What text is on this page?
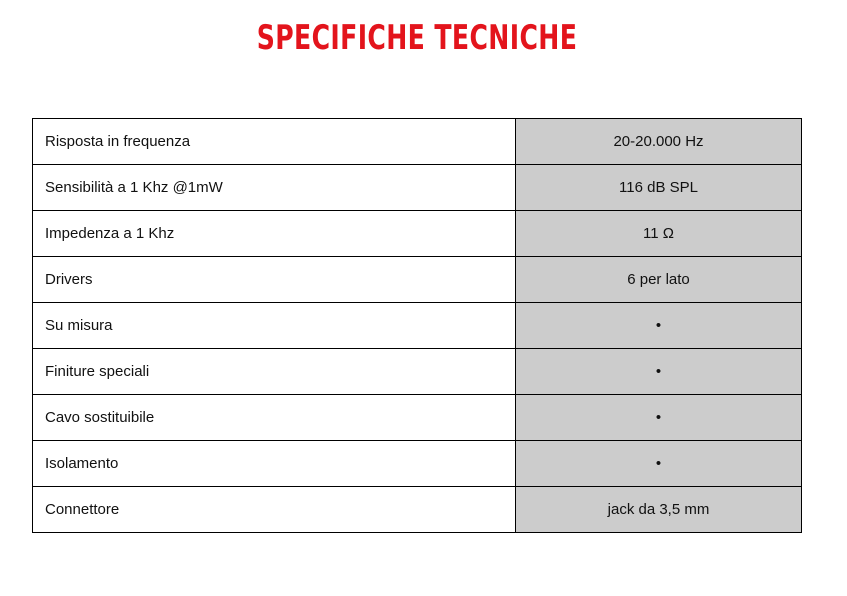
SPECIFICHE TECNICHE
Risposta in frequenza	20-20.000 Hz
Sensibilità a 1 Khz @1mW	116 dB SPL
Impedenza a 1 Khz	11 Ω
Drivers	6 per lato
Su misura	•
Finiture speciali	•
Cavo sostituibile	•
Isolamento	•
Connettore	jack da 3,5 mm
